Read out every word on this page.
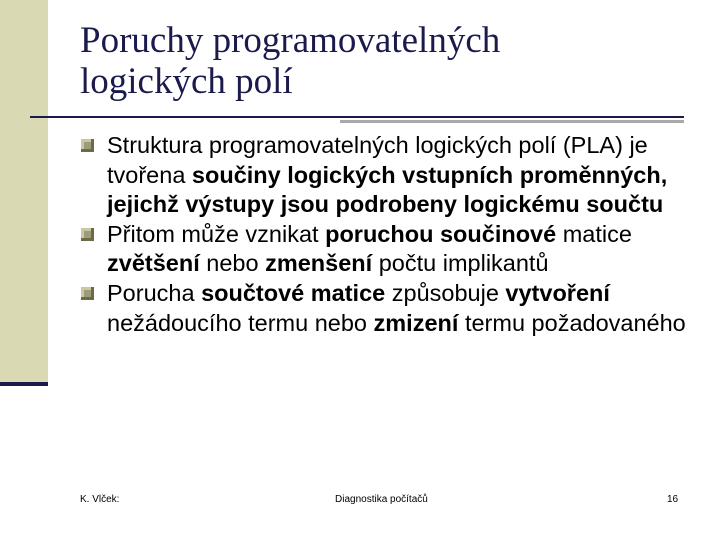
Poruchy programovatelných
logických polí
Struktura programovatelných logických polí (PLA) je tvořena součiny logických vstupních proměnných, jejichž výstupy jsou podrobeny logickému součtu
Přitom může vznikat poruchou součinové matice zvětšení nebo zmenšení počtu implikantů
Porucha součtové matice způsobuje vytvoření nežádoucího termu nebo zmizení termu požadovaného
K. Vlček:	Diagnostika počítačů	16
